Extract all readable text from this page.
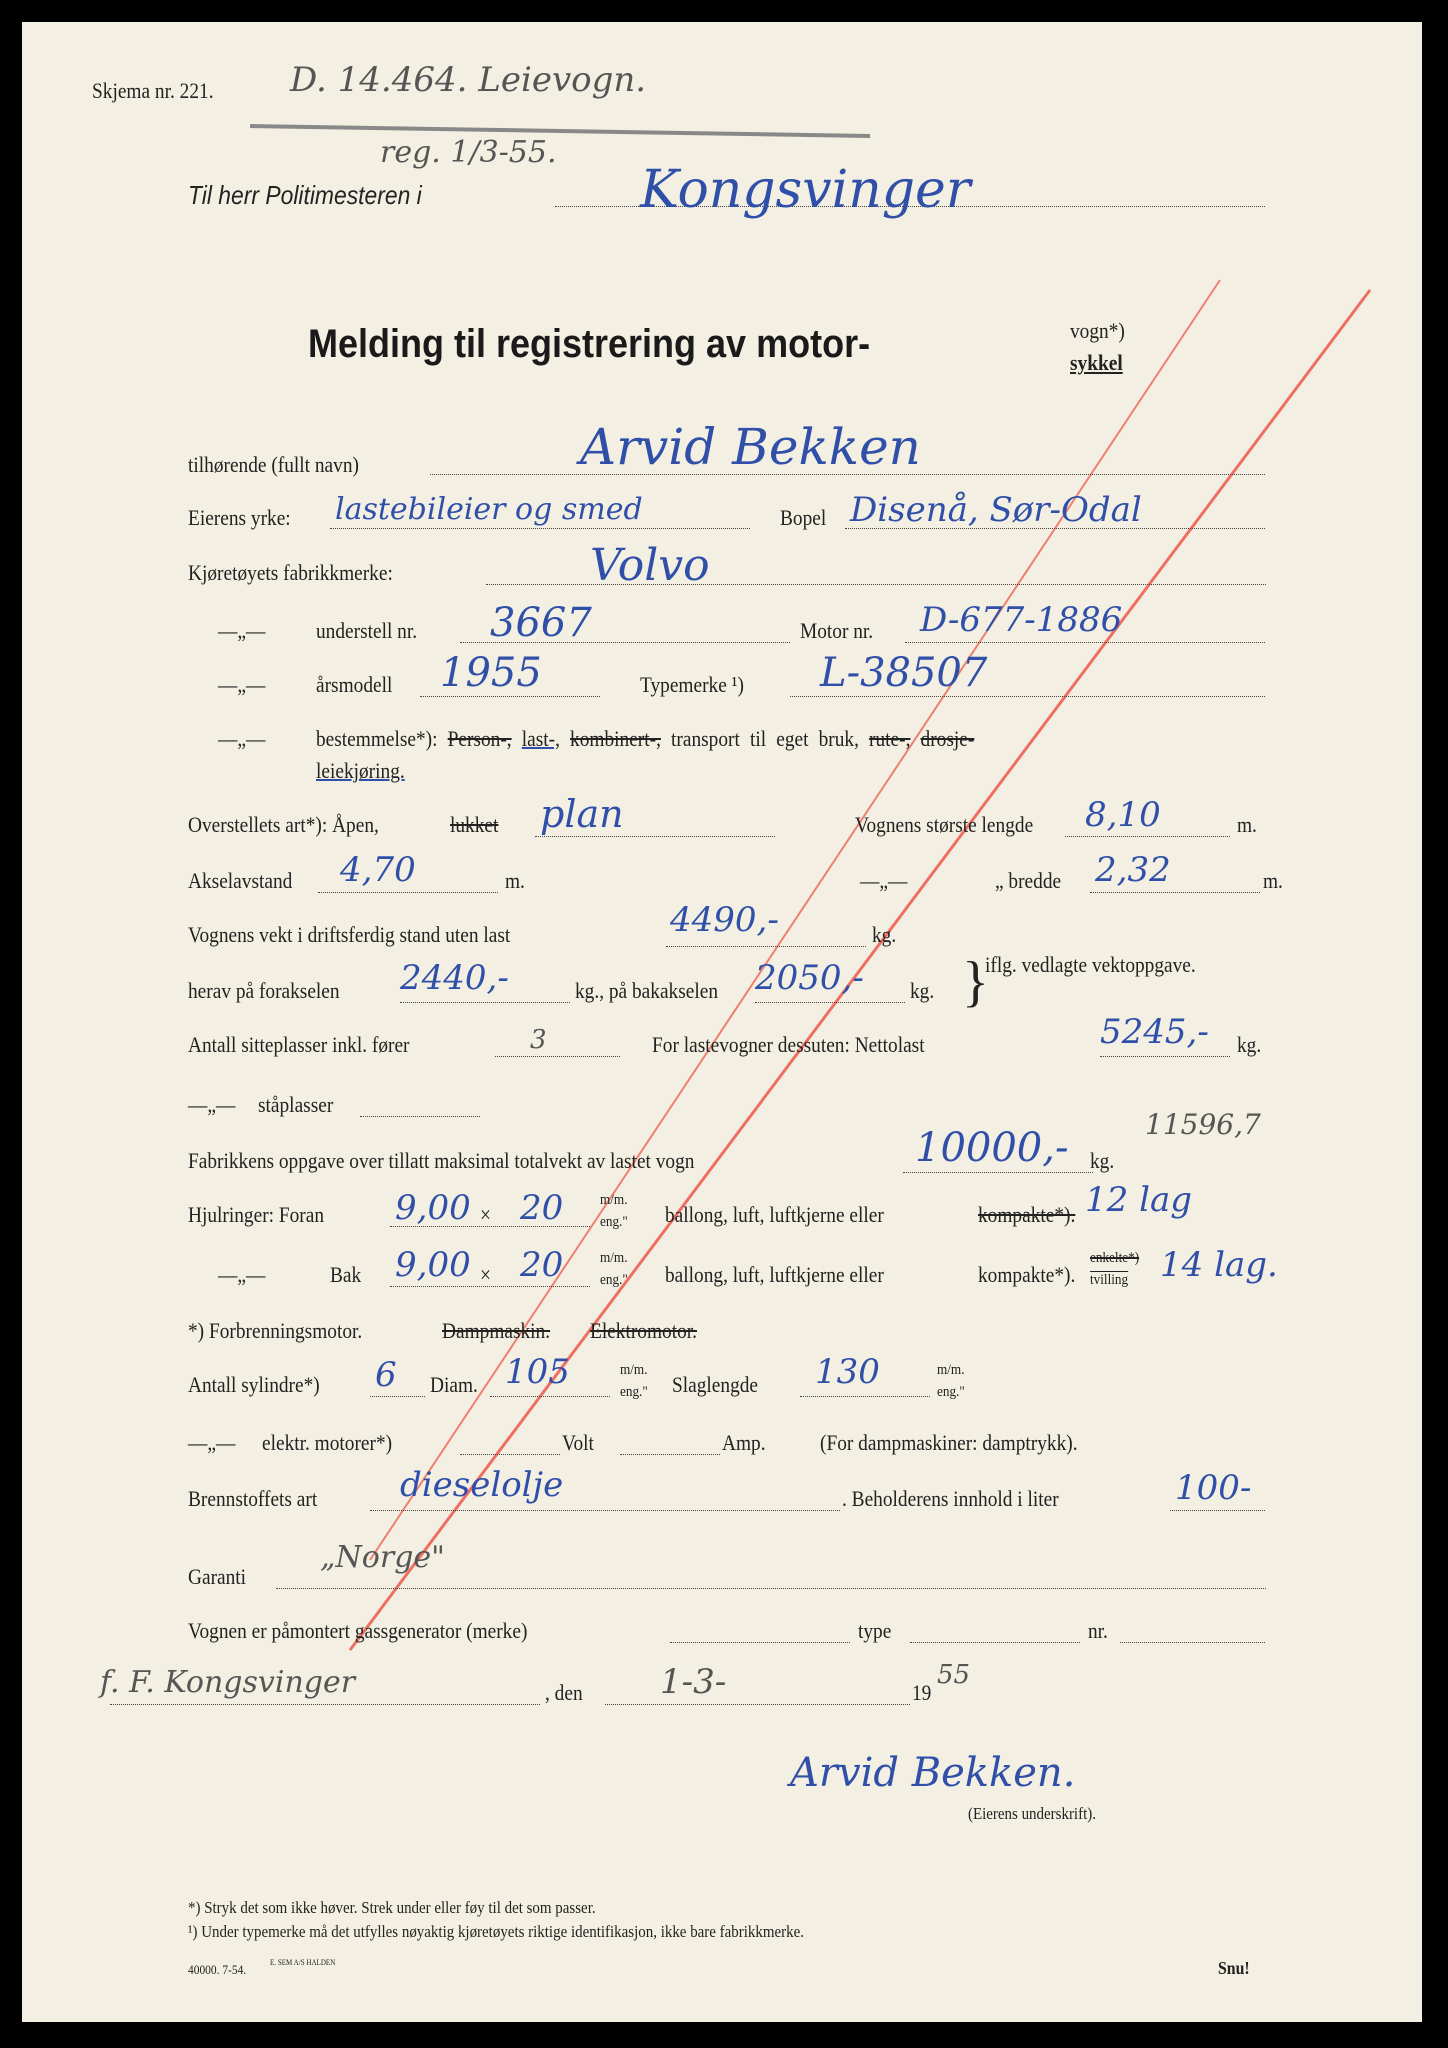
Skjema nr. 221. D. 14.464. Leievogn.
reg. 1/3-55.
Til herr Politimesteren i	Kongsvinger
Melding til registrering av motor-	vogn*)
sykkel
tilhørende (fullt navn)	Arvid Bekken
Eierens yrke: lastebileier og smed	Bopel Disenå, Sør-Odal
Kjøretøyets fabrikkmerke:	Volvo
—„— understell nr. 3667	Motor nr. D-677-1886
—„— årsmodell 1955	Typemerke ¹) L-38507
—„— bestemmelse*): Person-, last-, kombinert-, transport til eget bruk, rute-, drosje-
leiekjøring.
Overstellets art*): Åpen,	lukket plan	Vognens største lengde 8,10	m.
Akselavstand 4,70	m.	—„—	„ bredde 2,32	m.
Vognens vekt i driftsferdig stand uten last	4490,-	kg.
herav på forakselen 2440,-	kg., på bakakselen 2050,- kg. }
iflg. vedlagte vektoppgave.
Antall sitteplasser inkl. fører	3	For lastevogner dessuten: Nettolast	5245,- kg.
—„— ståplasser
11596,7
Fabrikkens oppgave over tillatt maksimal totalvekt av lastet vogn	10000,- kg.
Hjulringer: Foran 9,00 × 20 m/m.
eng." ballong, luft, luftkjerne eller	kompakte*). 12 lag
—„—	Bak 9,00 × 20 m/m.
eng." ballong, luft, luftkjerne eller	kompakte*).
enkelte*)
tvilling 14 lag.
*) Forbrenningsmotor.	Dampmaskin. Elektromotor.
Antall sylindre*) 6 Diam. 105	m/m.
eng." Slaglengde 130	m/m.
eng."
—„— elektr. motorer*)	Volt	Amp. (For dampmaskiner: damptrykk).
Brennstoffets art dieselolje	. Beholderens innhold i liter	100-
Garanti
„Norge"
Vognen er påmontert gassgenerator (merke)	type	nr.
f. F. Kongsvinger	, den 1-3-	19
55
Arvid Bekken.
(Eierens underskrift).
*) Stryk det som ikke høver. Strek under eller føy til det som passer.
¹) Under typemerke må det utfylles nøyaktig kjøretøyets riktige identifikasjon, ikke bare fabrikkmerke.
40000. 7-54.	E. SEM A/S HALDEN	Snu!
